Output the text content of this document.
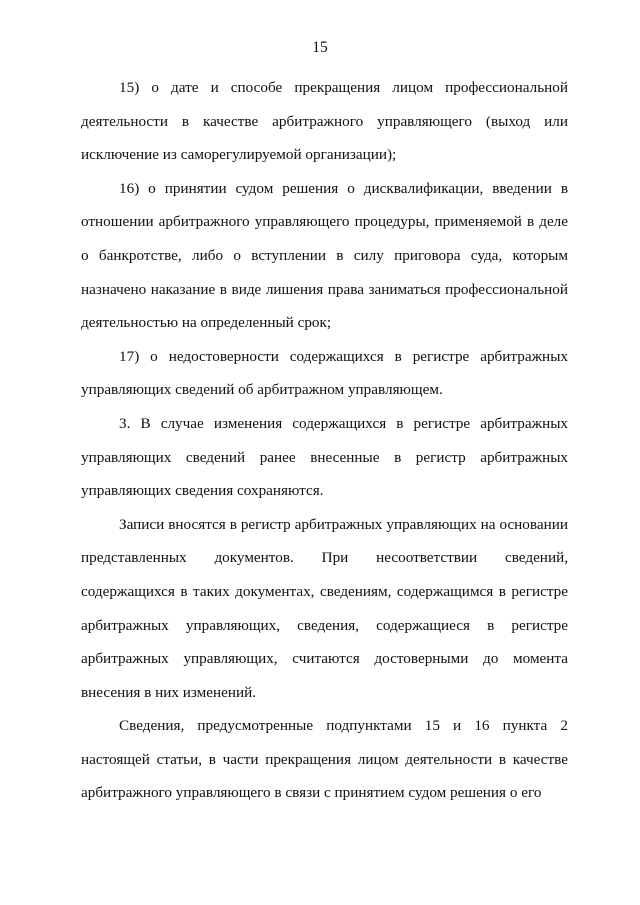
15

15) о дате и способе прекращения лицом профессиональной деятельности в качестве арбитражного управляющего (выход или исключение из саморегулируемой организации);

16) о принятии судом решения о дисквалификации, введении в отношении арбитражного управляющего процедуры, применяемой в деле о банкротстве, либо о вступлении в силу приговора суда, которым назначено наказание в виде лишения права заниматься профессиональной деятельностью на определенный срок;

17) о недостоверности содержащихся в регистре арбитражных управляющих сведений об арбитражном управляющем.

3. В случае изменения содержащихся в регистре арбитражных управляющих сведений ранее внесенные в регистр арбитражных управляющих сведения сохраняются.

Записи вносятся в регистр арбитражных управляющих на основании представленных документов. При несоответствии сведений, содержащихся в таких документах, сведениям, содержащимся в регистре арбитражных управляющих, сведения, содержащиеся в регистре арбитражных управляющих, считаются достоверными до момента внесения в них изменений.

Сведения, предусмотренные подпунктами 15 и 16 пункта 2 настоящей статьи, в части прекращения лицом деятельности в качестве арбитражного управляющего в связи с принятием судом решения о его
